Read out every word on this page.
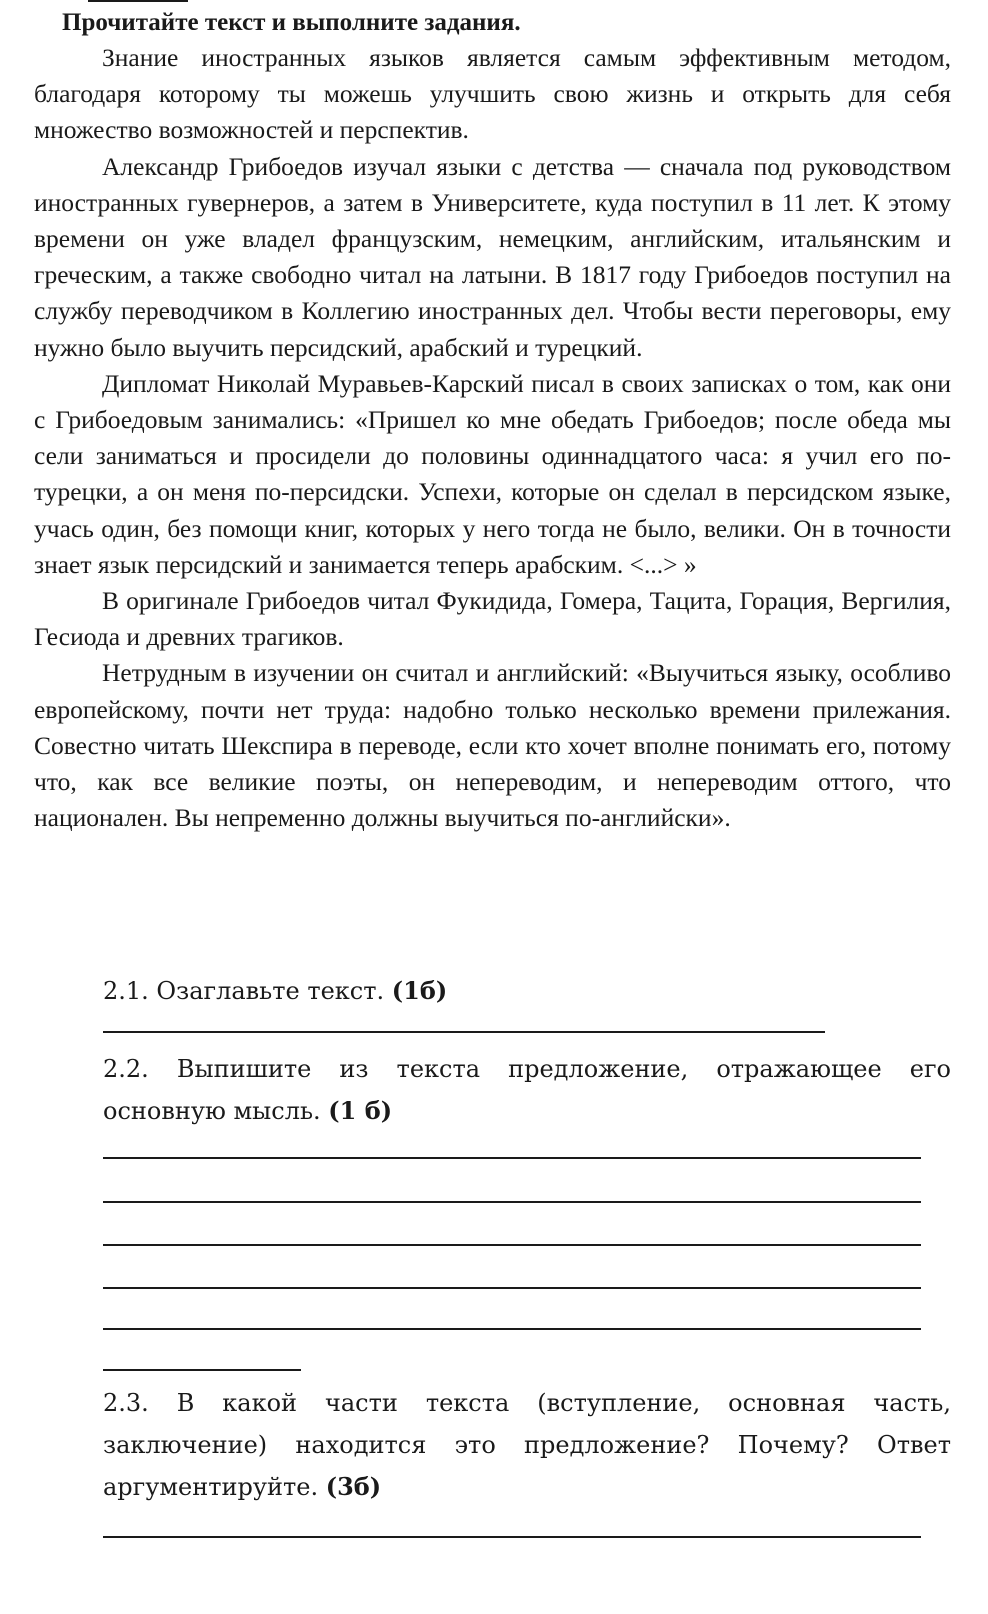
Прочитайте текст и выполните задания.

Знание иностранных языков является самым эффективным методом, благодаря которому ты можешь улучшить свою жизнь и открыть для себя множество возможностей и перспектив.

Александр Грибоедов изучал языки с детства — сначала под руководством иностранных гувернеров, а затем в Университете, куда поступил в 11 лет. К этому времени он уже владел французским, немецким, английским, итальянским и греческим, а также свободно читал на латыни. В 1817 году Грибоедов поступил на службу переводчиком в Коллегию иностранных дел. Чтобы вести переговоры, ему нужно было выучить персидский, арабский и турецкий.

Дипломат Николай Муравьев-Карский писал в своих записках о том, как они с Грибоедовым занимались: «Пришел ко мне обедать Грибоедов; после обеда мы сели заниматься и просидели до половины одиннадцатого часа: я учил его по-турецки, а он меня по-персидски. Успехи, которые он сделал в персидском языке, учась один, без помощи книг, которых у него тогда не было, велики. Он в точности знает язык персидский и занимается теперь арабским. <...> »

В оригинале Грибоедов читал Фукидида, Гомера, Тацита, Горация, Вергилия, Гесиода и древних трагиков.

Нетрудным в изучении он считал и английский: «Выучиться языку, особливо европейскому, почти нет труда: надобно только несколько времени прилежания. Совестно читать Шекспира в переводе, если кто хочет вполне понимать его, потому что, как все великие поэты, он непереводим, и непереводим оттого, что национален. Вы непременно должны выучиться по-английски».

2.1. Озаглавьте текст. (1б)

2.2. Выпишите из текста предложение, отражающее его основную мысль. (1 б)

2.3. В какой части текста (вступление, основная часть, заключение) находится это предложение? Почему? Ответ аргументируйте. (3б)
